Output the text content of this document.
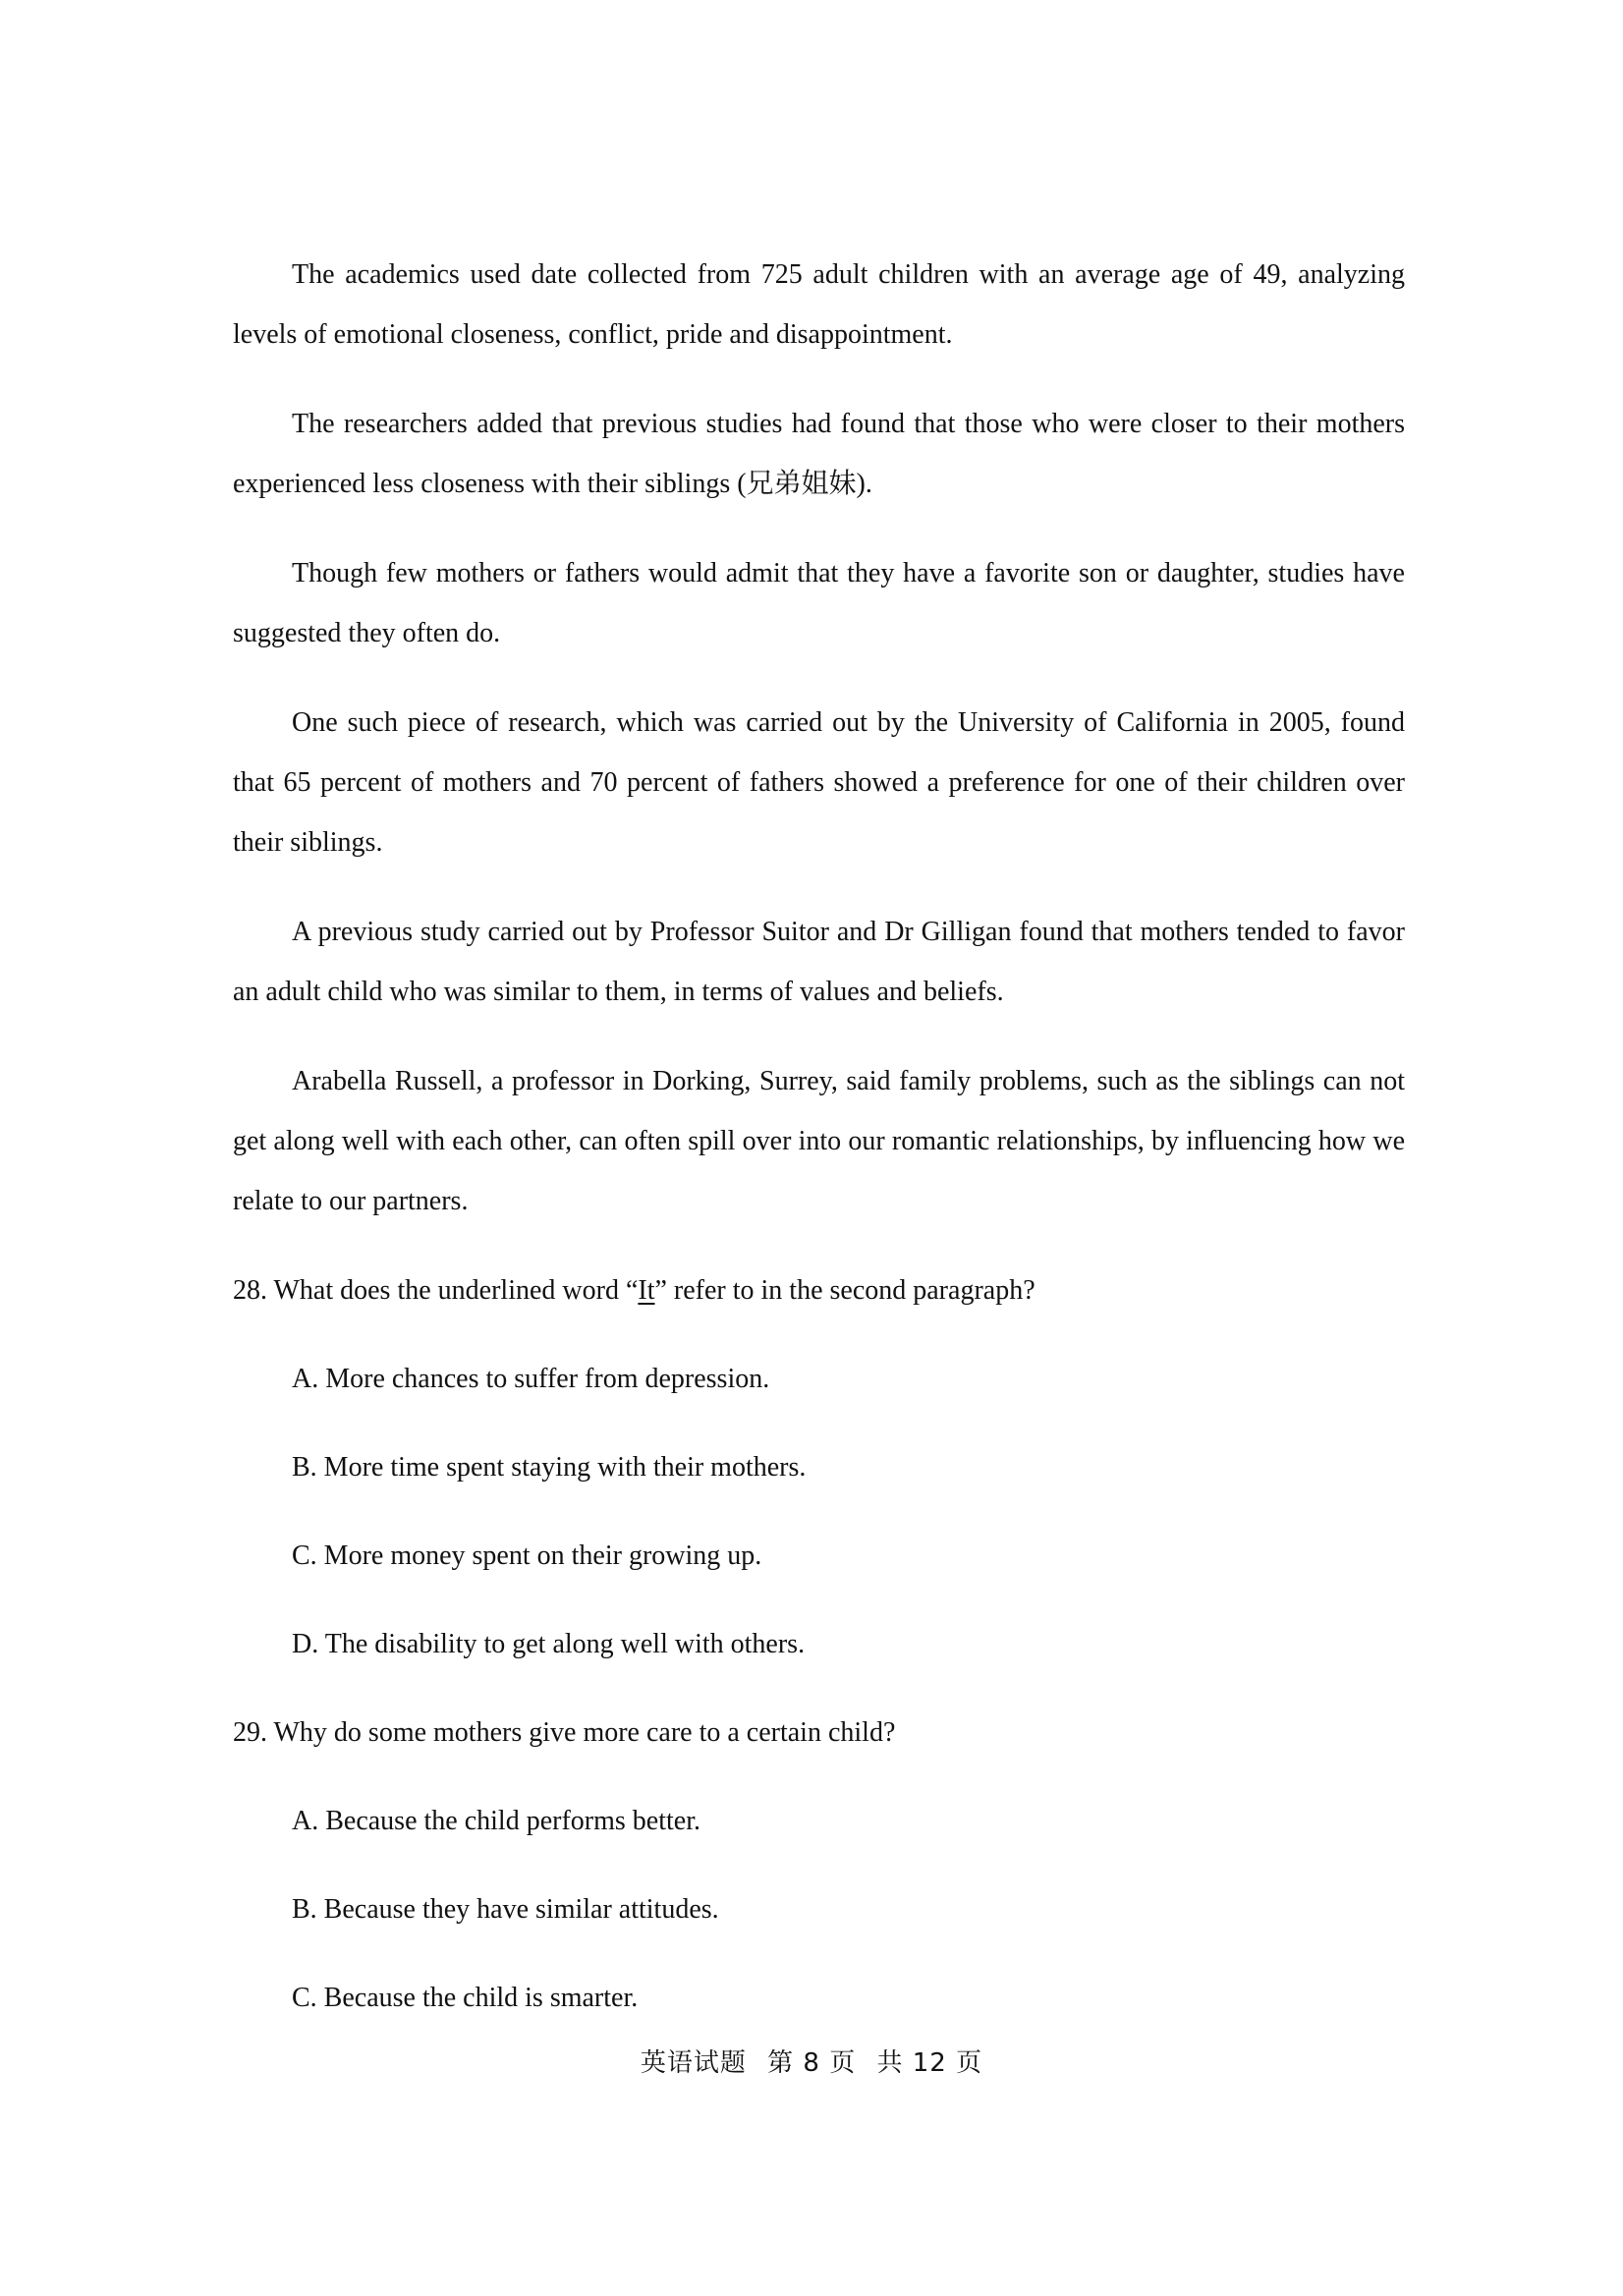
The academics used date collected from 725 adult children with an average age of 49, analyzing levels of emotional closeness, conflict, pride and disappointment.

The researchers added that previous studies had found that those who were closer to their mothers experienced less closeness with their siblings (兄弟姐妹).

Though few mothers or fathers would admit that they have a favorite son or daughter, studies have suggested they often do.

One such piece of research, which was carried out by the University of California in 2005, found that 65 percent of mothers and 70 percent of fathers showed a preference for one of their children over their siblings.

A previous study carried out by Professor Suitor and Dr Gilligan found that mothers tended to favor an adult child who was similar to them, in terms of values and beliefs.

Arabella Russell, a professor in Dorking, Surrey, said family problems, such as the siblings can not get along well with each other, can often spill over into our romantic relationships, by influencing how we relate to our partners.

28. What does the underlined word “It” refer to in the second paragraph?

A. More chances to suffer from depression.

B. More time spent staying with their mothers.

C. More money spent on their growing up.

D. The disability to get along well with others.

29. Why do some mothers give more care to a certain child?

A. Because the child performs better.

B. Because they have similar attitudes.

C. Because the child is smarter.

英语试题 第 8 页 共 12 页
